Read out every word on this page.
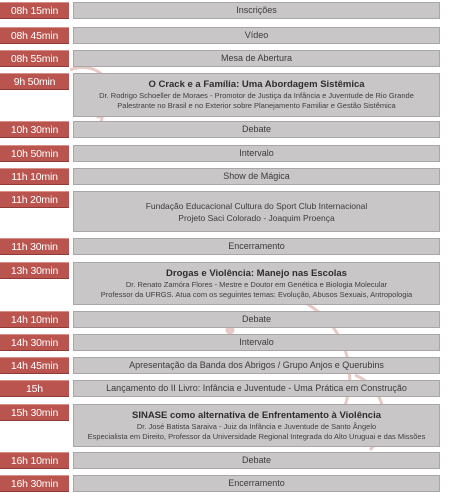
08h 15min	Inscrições
08h 45min	Vídeo
08h 55min	Mesa de Abertura
9h 50min	O Crack e a Família: Uma Abordagem Sistêmica
Dr. Rodrigo Schoeller de Moraes - Promotor de Justiça da Infância e Juventude de Rio Grande
Palestrante no Brasil e no Exterior sobre Planejamento Familiar e Gestão Sistêmica
10h 30min	Debate
10h 50min	Intervalo
11h 10min	Show de Mágica
11h 20min	Fundação Educacional Cultura do Sport Club Internacional
Projeto Saci Colorado - Joaquim Proença
11h 30min	Encerramento
13h 30min	Drogas e Violência: Manejo nas Escolas
Dr. Renato Zamóra Flores - Mestre e Doutor em Genética e Biologia Molecular
Professor da UFRGS. Atua com os seguintes temas: Evolução, Abusos Sexuais, Antropologia
14h 10min	Debate
14h 30min	Intervalo
14h 45min	Apresentação da Banda dos Abrigos / Grupo Anjos e Querubins
15h	Lançamento do II Livro: Infância e Juventude - Uma Prática em Construção
15h 30min	SINASE como alternativa de Enfrentamento à Violência
Dr. José Batista Saraiva - Juiz da Infância e Juventude de Santo Ângelo
Especialista em Direito, Professor da Universidade Regional Integrada do Alto Uruguai e das Missões
16h 10min	Debate
16h 30min	Encerramento
